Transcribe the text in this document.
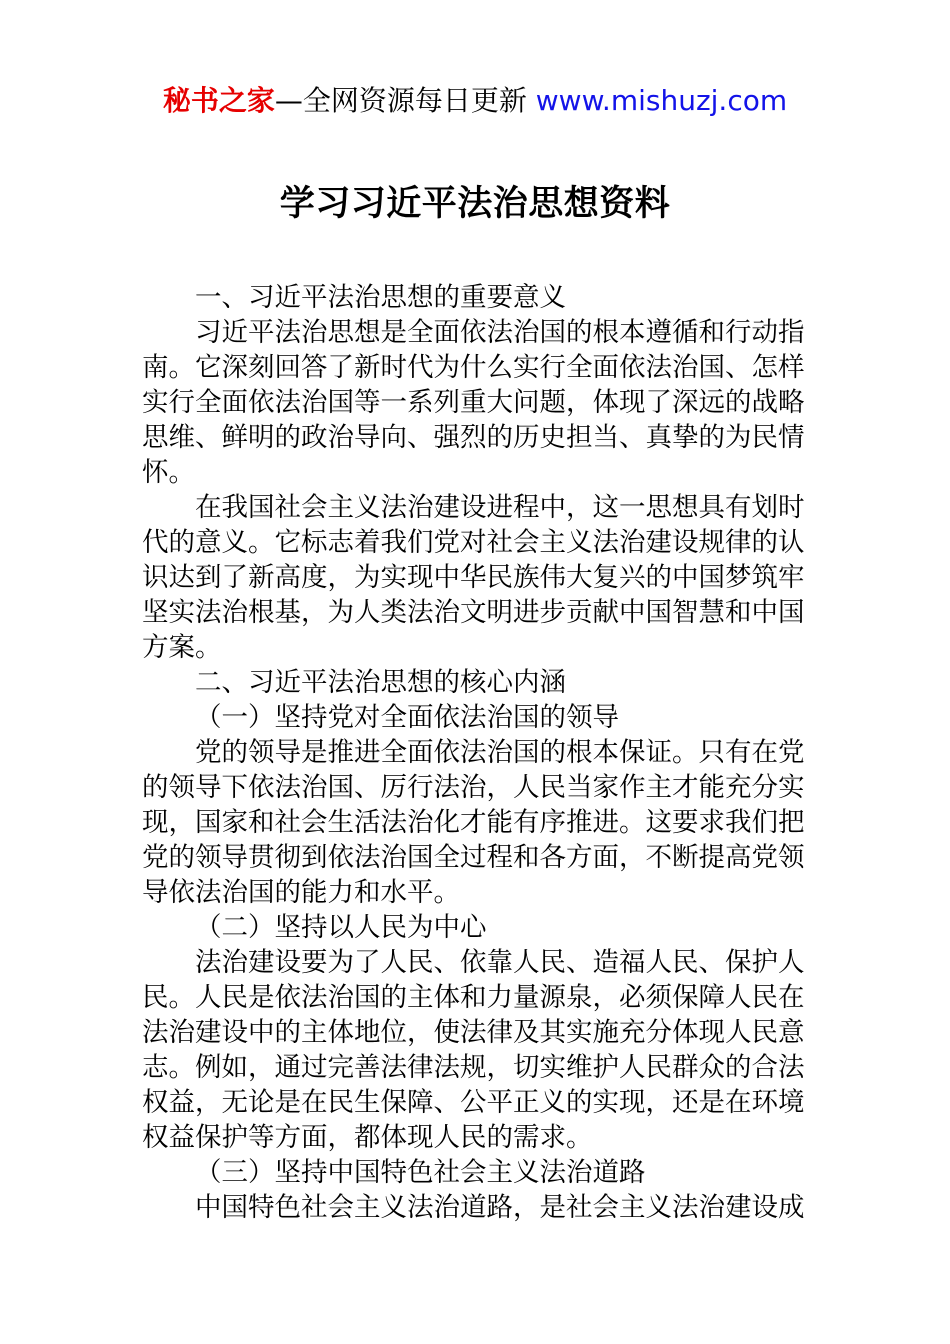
秘书之家—全网资源每日更新 www.mishuzj.com
学习习近平法治思想资料
一、习近平法治思想的重要意义
习近平法治思想是全面依法治国的根本遵循和行动指
南。它深刻回答了新时代为什么实行全面依法治国、怎样
实行全面依法治国等一系列重大问题，体现了深远的战略
思维、鲜明的政治导向、强烈的历史担当、真挚的为民情
怀。
在我国社会主义法治建设进程中，这一思想具有划时
代的意义。它标志着我们党对社会主义法治建设规律的认
识达到了新高度，为实现中华民族伟大复兴的中国梦筑牢
坚实法治根基，为人类法治文明进步贡献中国智慧和中国
方案。
二、习近平法治思想的核心内涵
（一）坚持党对全面依法治国的领导
党的领导是推进全面依法治国的根本保证。只有在党
的领导下依法治国、厉行法治，人民当家作主才能充分实
现，国家和社会生活法治化才能有序推进。这要求我们把
党的领导贯彻到依法治国全过程和各方面，不断提高党领
导依法治国的能力和水平。
（二）坚持以人民为中心
法治建设要为了人民、依靠人民、造福人民、保护人
民。人民是依法治国的主体和力量源泉，必须保障人民在
法治建设中的主体地位，使法律及其实施充分体现人民意
志。例如，通过完善法律法规，切实维护人民群众的合法
权益，无论是在民生保障、公平正义的实现，还是在环境
权益保护等方面，都体现人民的需求。
（三）坚持中国特色社会主义法治道路
中国特色社会主义法治道路，是社会主义法治建设成
